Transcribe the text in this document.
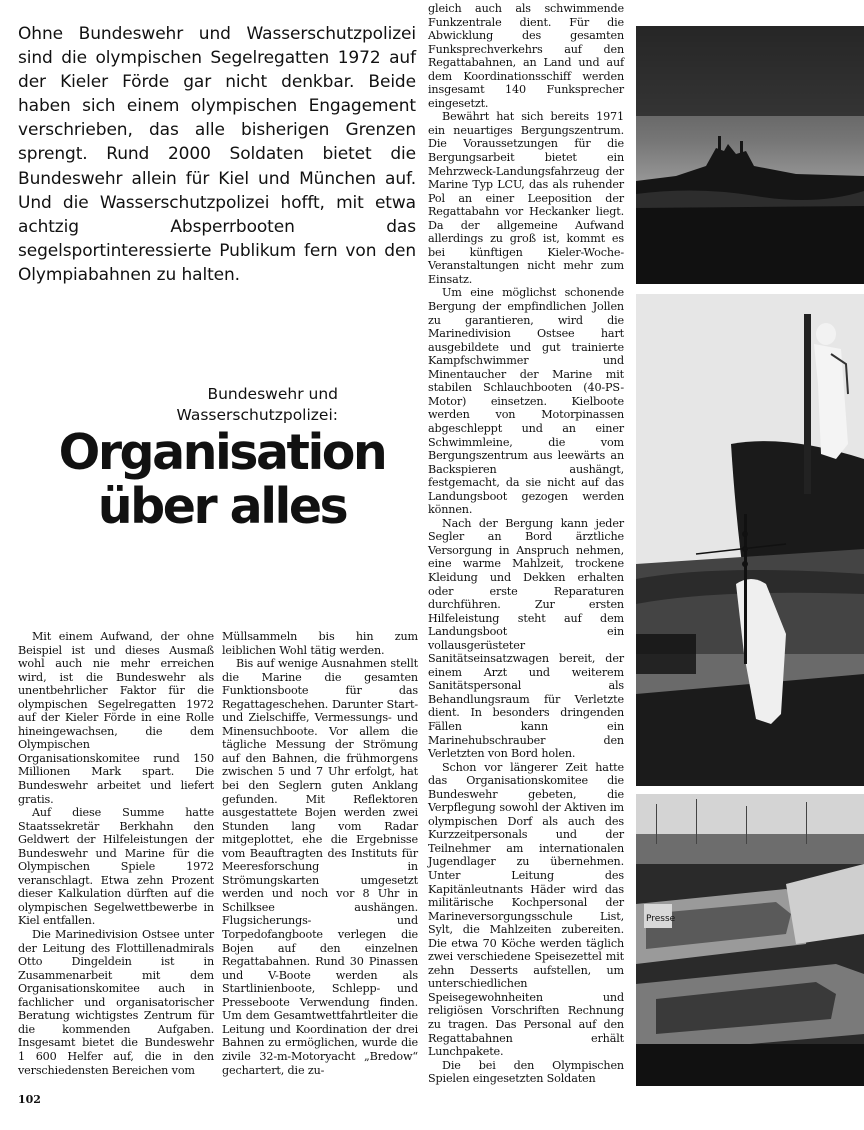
Ohne Bundeswehr und Wasserschutzpolizei sind die olympischen Segelregatten 1972 auf der Kieler Förde gar nicht denkbar. Beide haben sich einem olympischen Engagement verschrieben, das alle bisherigen Grenzen sprengt. Rund 2000 Soldaten bietet die Bundeswehr allein für Kiel und München auf. Und die Wasserschutzpolizei hofft, mit etwa achtzig Absperrbooten das segelsportinteressierte Publikum fern von den Olympiabahnen zu halten.

Bundeswehr und
Wasserschutzpolizei:
Organisation
über alles

Mit einem Aufwand, der ohne Beispiel ist und dieses Ausmaß wohl auch nie mehr erreichen wird, ist die Bundeswehr als unentbehrlicher Faktor für die olympischen Segelregatten 1972 auf der Kieler Förde in eine Rolle hineingewachsen, die dem Olympischen Organisationskomitee rund 150 Millionen Mark spart. Die Bundeswehr arbeitet und liefert gratis.

Auf diese Summe hatte Staatssekretär Berkhahn den Geldwert der Hilfeleistungen der Bundeswehr und Marine für die Olympischen Spiele 1972 veranschlagt. Etwa zehn Prozent dieser Kalkulation dürften auf die olympischen Segelwettbewerbe in Kiel entfallen.

Die Marinedivision Ostsee unter der Leitung des Flottillenadmirals Otto Dingeldein ist in Zusammenarbeit mit dem Organisationskomitee auch in fachlicher und organisatorischer Beratung wichtigstes Zentrum für die kommenden Aufgaben. Insgesamt bietet die Bundeswehr 1 600 Helfer auf, die in den verschiedensten Bereichen vom

Müllsammeln bis hin zum leiblichen Wohl tätig werden.

Bis auf wenige Ausnahmen stellt die Marine die gesamten Funktionsboote für das Regattageschehen. Darunter Start- und Zielschiffe, Vermessungs- und Minensuchboote. Vor allem die tägliche Messung der Strömung auf den Bahnen, die frühmorgens zwischen 5 und 7 Uhr erfolgt, hat bei den Seglern guten Anklang gefunden. Mit Reflektoren ausgestattete Bojen werden zwei Stunden lang vom Radar mitgeplottet, ehe die Ergebnisse vom Beauftragten des Instituts für Meeresforschung in Strömungskarten umgesetzt werden und noch vor 8 Uhr in Schilksee aushängen. Flugsicherungs- und Torpedofangboote verlegen die Bojen auf den einzelnen Regattabahnen. Rund 30 Pinassen und V-Boote werden als Startlinienboote, Schlepp- und Presseboote Verwendung finden. Um dem Gesamtwettfahrtleiter die Leitung und Koordination der drei Bahnen zu ermöglichen, wurde die zivile 32-m-Motoryacht „Bredow“ gechartert, die zu-

gleich auch als schwimmende Funkzentrale dient. Für die Abwicklung des gesamten Funksprechverkehrs auf den Regattabahnen, an Land und auf dem Koordinationsschiff werden insgesamt 140 Funksprecher eingesetzt.

Bewährt hat sich bereits 1971 ein neuartiges Bergungszentrum. Die Voraussetzungen für die Bergungsarbeit bietet ein Mehrzweck-Landungsfahrzeug der Marine Typ LCU, das als ruhender Pol an einer Leeposition der Regattabahn vor Heckanker liegt. Da der allgemeine Aufwand allerdings zu groß ist, kommt es bei künftigen Kieler-Woche-Veranstaltungen nicht mehr zum Einsatz.

Um eine möglichst schonende Bergung der empfindlichen Jollen zu garantieren, wird die Marinedivision Ostsee hart ausgebildete und gut trainierte Kampfschwimmer und Minentaucher der Marine mit stabilen Schlauchbooten (40-PS-Motor) einsetzen. Kielboote werden von Motorpinassen abgeschleppt und an einer Schwimmleine, die vom Bergungszentrum aus leewärts an Backspieren aushängt, festgemacht, da sie nicht auf das Landungsboot gezogen werden können.

Nach der Bergung kann jeder Segler an Bord ärztliche Versorgung in Anspruch nehmen, eine warme Mahlzeit, trockene Kleidung und Dekken erhalten oder erste Reparaturen durchführen. Zur ersten Hilfeleistung steht auf dem Landungsboot ein vollausgerüsteter Sanitätseinsatzwagen bereit, der einem Arzt und weiterem Sanitätspersonal als Behandlungsraum für Verletzte dient. In besonders dringenden Fällen kann ein Marinehubschrauber den Verletzten von Bord holen.

Schon vor längerer Zeit hatte das Organisationskomitee die Bundeswehr gebeten, die Verpflegung sowohl der Aktiven im olympischen Dorf als auch des Kurzzeitpersonals und der Teilnehmer am internationalen Jugendlager zu übernehmen. Unter Leitung des Kapitänleutnants Häder wird das militärische Kochpersonal der Marineversorgungsschule List, Sylt, die Mahlzeiten zubereiten. Die etwa 70 Köche werden täglich zwei verschiedene Speisezettel mit zehn Desserts aufstellen, um unterschiedlichen Speisegewohnheiten und religiösen Vorschriften Rechnung zu tragen. Das Personal auf den Regattabahnen erhält Lunchpakete.

Die bei den Olympischen Spielen eingesetzten Soldaten

102
Presse
